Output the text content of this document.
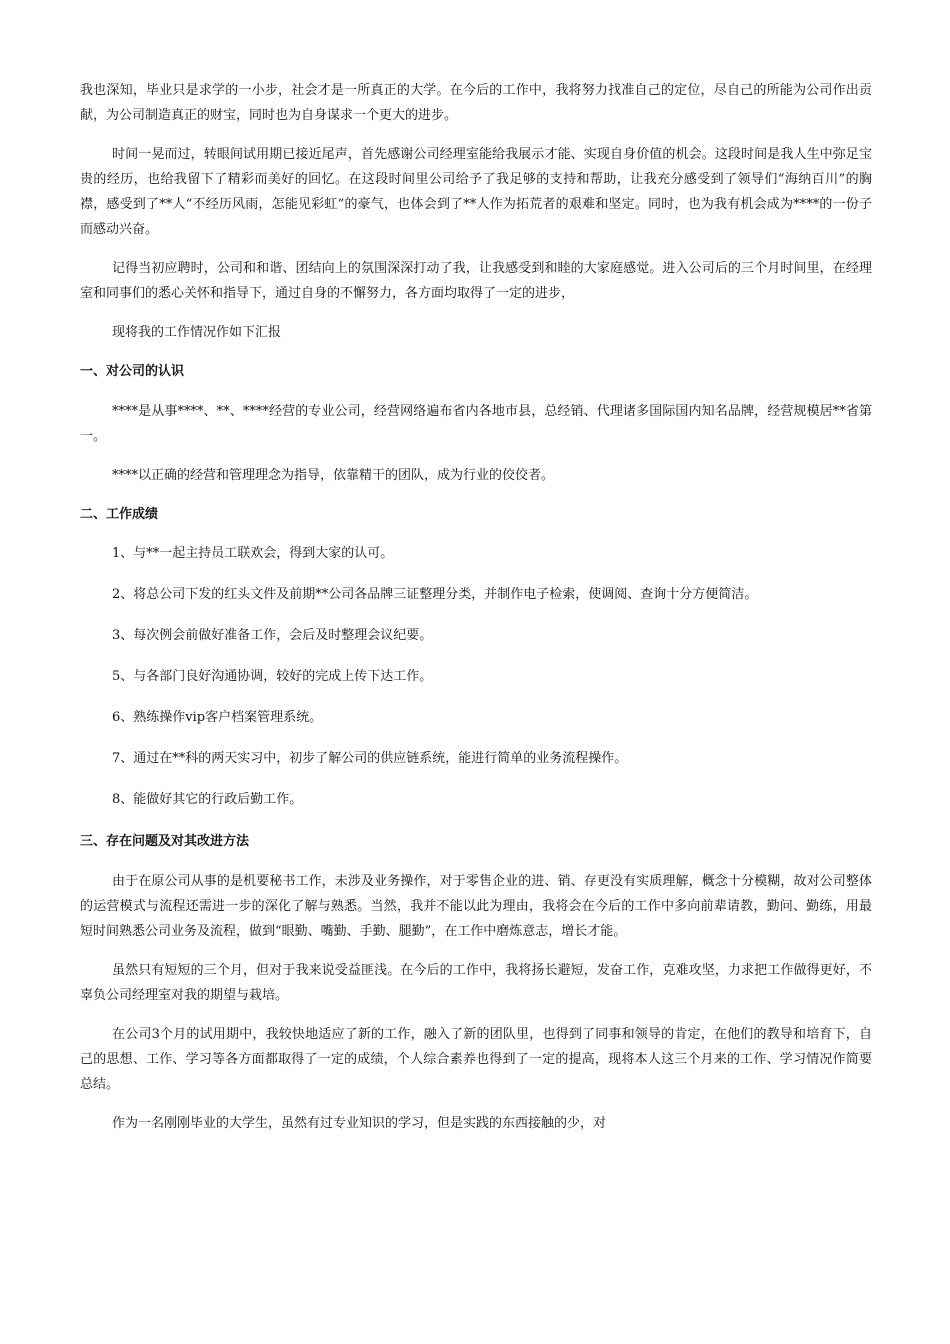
我也深知，毕业只是求学的一小步，社会才是一所真正的大学。在今后的工作中，我将努力找准自己的定位，尽自己的所能为公司作出贡献，为公司制造真正的财宝，同时也为自身谋求一个更大的进步。

时间一晃而过，转眼间试用期已接近尾声，首先感谢公司经理室能给我展示才能、实现自身价值的机会。这段时间是我人生中弥足宝贵的经历，也给我留下了精彩而美好的回忆。在这段时间里公司给予了我足够的支持和帮助，让我充分感受到了领导们“海纳百川”的胸襟，感受到了**人“不经历风雨，怎能见彩虹”的豪气，也体会到了**人作为拓荒者的艰难和坚定。同时，也为我有机会成为****的一份子而感动兴奋。

记得当初应聘时，公司和和谐、团结向上的氛围深深打动了我，让我感受到和睦的大家庭感觉。进入公司后的三个月时间里，在经理室和同事们的悉心关怀和指导下，通过自身的不懈努力，各方面均取得了一定的进步，

现将我的工作情况作如下汇报

一、对公司的认识

****是从事****、**、****经营的专业公司，经营网络遍布省内各地市县，总经销、代理诸多国际国内知名品牌，经营规模居**省第一。

****以正确的经营和管理理念为指导，依靠精干的团队，成为行业的佼佼者。

二、工作成绩

1、与**一起主持员工联欢会，得到大家的认可。

2、将总公司下发的红头文件及前期**公司各品牌三证整理分类，并制作电子检索，使调阅、查询十分方便简洁。

3、每次例会前做好准备工作，会后及时整理会议纪要。

5、与各部门良好沟通协调，较好的完成上传下达工作。

6、熟练操作vip客户档案管理系统。

7、通过在**科的两天实习中，初步了解公司的供应链系统，能进行简单的业务流程操作。

8、能做好其它的行政后勤工作。

三、存在问题及对其改进方法

由于在原公司从事的是机要秘书工作，未涉及业务操作，对于零售企业的进、销、存更没有实质理解，概念十分模糊，故对公司整体的运营模式与流程还需进一步的深化了解与熟悉。当然，我并不能以此为理由，我将会在今后的工作中多向前辈请教，勤问、勤练，用最短时间熟悉公司业务及流程，做到“眼勤、嘴勤、手勤、腿勤”，在工作中磨炼意志，增长才能。

虽然只有短短的三个月，但对于我来说受益匪浅。在今后的工作中，我将扬长避短，发奋工作，克难攻坚，力求把工作做得更好，不辜负公司经理室对我的期望与栽培。

在公司3个月的试用期中，我较快地适应了新的工作，融入了新的团队里，也得到了同事和领导的肯定，在他们的教导和培育下，自己的思想、工作、学习等各方面都取得了一定的成绩，个人综合素养也得到了一定的提高，现将本人这三个月来的工作、学习情况作简要总结。

作为一名刚刚毕业的大学生，虽然有过专业知识的学习，但是实践的东西接触的少，对
